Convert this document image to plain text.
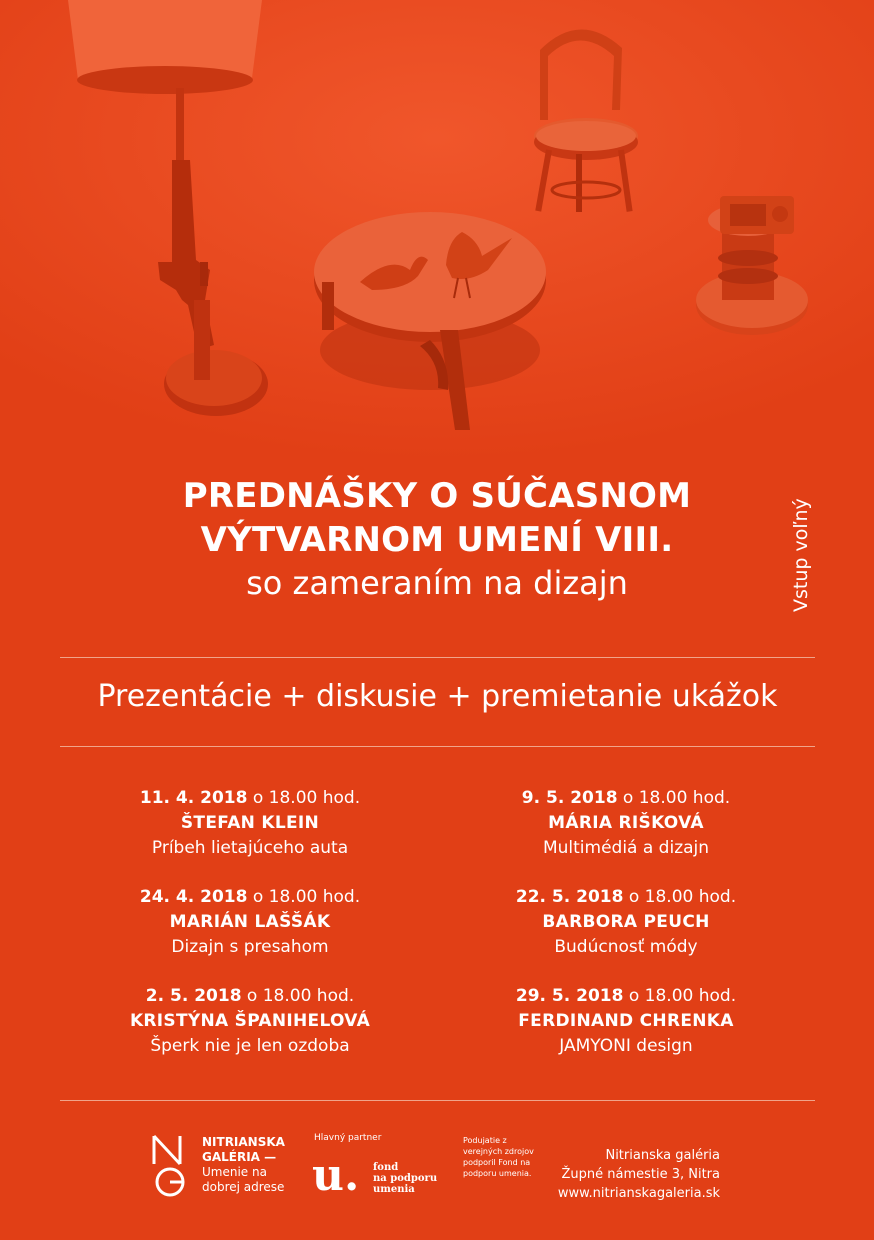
PREDNÁŠKY O SÚČASNOM
VÝTVARNOM UMENÍ VIII.
so zameraním na dizajn	Vstup voľný
Prezentácie + diskusie + premietanie ukážok
11. 4. 2018 o 18.00 hod.
ŠTEFAN KLEIN
Príbeh lietajúceho auta
24. 4. 2018 o 18.00 hod.
MARIÁN LAŠŠÁK
Dizajn s presahom
2. 5. 2018 o 18.00 hod.
KRISTÝNA ŠPANIHELOVÁ
Šperk nie je len ozdoba
9. 5. 2018 o 18.00 hod.
MÁRIA RIŠKOVÁ
Multimédiá a dizajn
22. 5. 2018 o 18.00 hod.
BARBORA PEUCH
Budúcnosť módy
29. 5. 2018 o 18.00 hod.
FERDINAND CHRENKA
JAMYONI design
NITRIANSKA
GALÉRIA —
Umenie na
dobrej adrese
Hlavný partner
u. fond
na podporu
umenia
Podujatie z verejných zdrojov podporil Fond na podporu umenia.
Nitrianska galéria
Župné námestie 3, Nitra
www.nitrianskagaleria.sk
